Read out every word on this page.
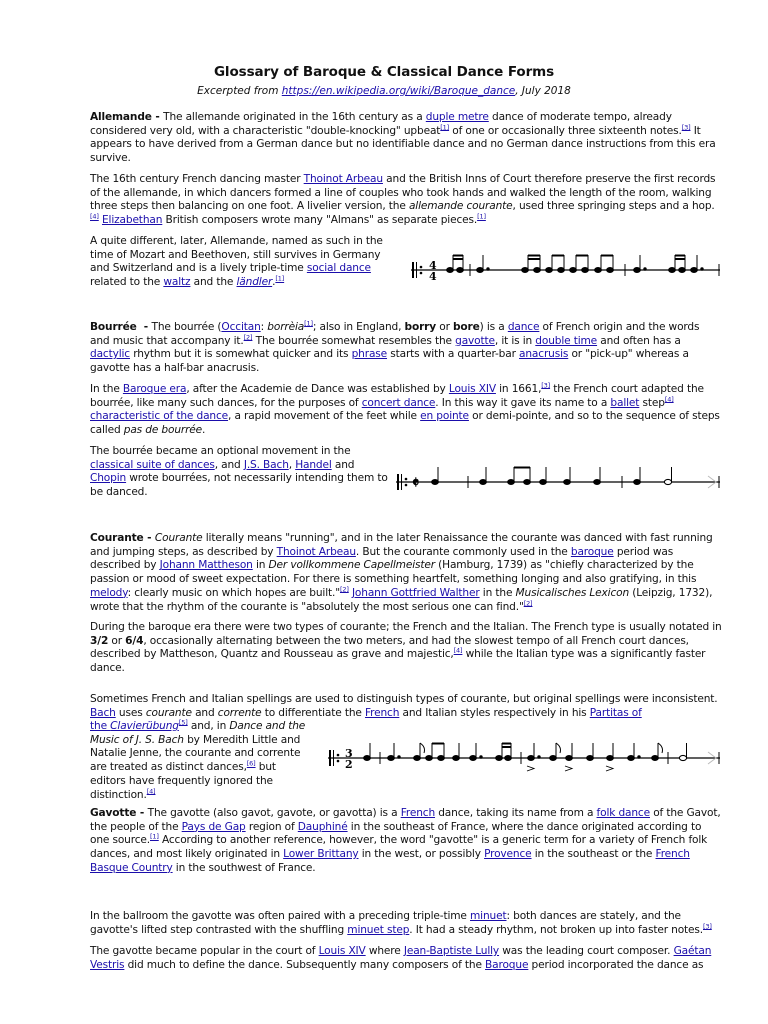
Glossary of Baroque & Classical Dance Forms
Excerpted from https://en.wikipedia.org/wiki/Baroque_dance, July 2018
Allemande - The allemande originated in the 16th century as a duple metre dance of moderate tempo, already considered very old, with a characteristic "double-knocking" upbeat[1] of one or occasionally three sixteenth notes.[3] It appears to have derived from a German dance but no identifiable dance and no German dance instructions from this era survive.
The 16th century French dancing master Thoinot Arbeau and the British Inns of Court therefore preserve the first records of the allemande, in which dancers formed a line of couples who took hands and walked the length of the room, walking three steps then balancing on one foot. A livelier version, the allemande courante, used three springing steps and a hop.[4] Elizabethan British composers wrote many "Almans" as separate pieces.[1]
A quite different, later, Allemande, named as such in the time of Mozart and Beethoven, still survives in Germany and Switzerland and is a lively triple-time social dance related to the waltz and the ländler.[1]
4
4
Bourrée  - The bourrée (Occitan: borrèia[1]; also in England, borry or bore) is a dance of French origin and the words and music that accompany it.[2] The bourrée somewhat resembles the gavotte, it is in double time and often has a dactylic rhythm but it is somewhat quicker and its phrase starts with a quarter-bar anacrusis or "pick-up" whereas a gavotte has a half-bar anacrusis.
In the Baroque era, after the Academie de Dance was established by Louis XIV in 1661,[3] the French court adapted the bourrée, like many such dances, for the purposes of concert dance. In this way it gave its name to a ballet step[4] characteristic of the dance, a rapid movement of the feet while en pointe or demi-pointe, and so to the sequence of steps called pas de bourrée.
The bourrée became an optional movement in the classical suite of dances, and J.S. Bach, Handel and Chopin wrote bourrées, not necessarily intending them to be danced.
𝄵
Courante - Courante literally means "running", and in the later Renaissance the courante was danced with fast running and jumping steps, as described by Thoinot Arbeau. But the courante commonly used in the baroque period was described by Johann Mattheson in Der vollkommene Capellmeister (Hamburg, 1739) as "chiefly characterized by the passion or mood of sweet expectation. For there is something heartfelt, something longing and also gratifying, in this melody: clearly music on which hopes are built."[2] Johann Gottfried Walther in the Musicalisches Lexicon (Leipzig, 1732), wrote that the rhythm of the courante is "absolutely the most serious one can find."[2]
During the baroque era there were two types of courante; the French and the Italian. The French type is usually notated in 3/2 or 6/4, occasionally alternating between the two meters, and had the slowest tempo of all French court dances, described by Mattheson, Quantz and Rousseau as grave and majestic,[4] while the Italian type was a significantly faster dance.
Sometimes French and Italian spellings are used to distinguish types of courante, but original spellings were inconsistent. Bach uses courante and corrente to differentiate the French and Italian styles respectively in his Partitas of
the Clavierübung[5] and, in Dance and the Music of J. S. Bach by Meredith Little and Natalie Jenne, the courante and corrente are treated as distinct dances,[6] but editors have frequently ignored the distinction.[4]
3
2
Gavotte - The gavotte (also gavot, gavote, or gavotta) is a French dance, taking its name from a folk dance of the Gavot, the people of the Pays de Gap region of Dauphiné in the southeast of France, where the dance originated according to one source.[1] According to another reference, however, the word "gavotte" is a generic term for a variety of French folk dances, and most likely originated in Lower Brittany in the west, or possibly Provence in the southeast or the French Basque Country in the southwest of France.
In the ballroom the gavotte was often paired with a preceding triple-time minuet: both dances are stately, and the gavotte's lifted step contrasted with the shuffling minuet step. It had a steady rhythm, not broken up into faster notes.[3]
The gavotte became popular in the court of Louis XIV where Jean-Baptiste Lully was the leading court composer. Gaétan Vestris did much to define the dance. Subsequently many composers of the Baroque period incorporated the dance as
